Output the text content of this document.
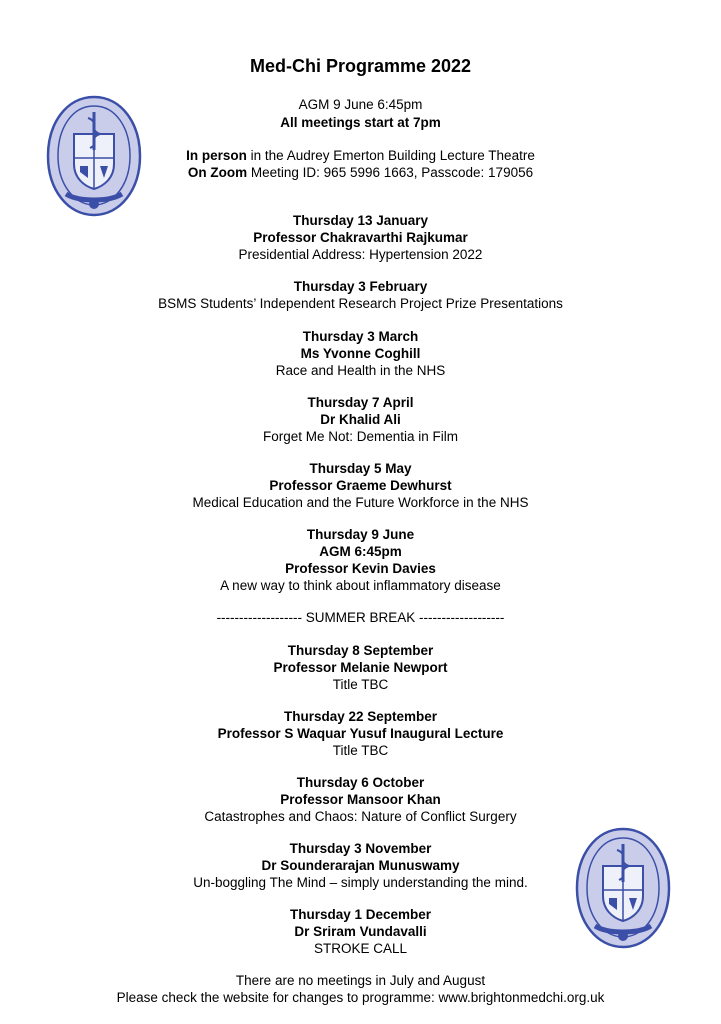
Med-Chi Programme 2022
AGM 9 June 6:45pm
All meetings start at 7pm
In person in the Audrey Emerton Building Lecture Theatre
On Zoom Meeting ID: 965 5996 1663, Passcode: 179056
Thursday 13 January
Professor Chakravarthi Rajkumar
Presidential Address: Hypertension 2022
Thursday 3 February
BSMS Students’ Independent Research Project Prize Presentations
Thursday 3 March
Ms Yvonne Coghill
Race and Health in the NHS
Thursday 7 April
Dr Khalid Ali
Forget Me Not: Dementia in Film
Thursday 5 May
Professor Graeme Dewhurst
Medical Education and the Future Workforce in the NHS
Thursday 9 June
AGM 6:45pm
Professor Kevin Davies
A new way to think about inflammatory disease
------------------- SUMMER BREAK -------------------
Thursday 8 September
Professor Melanie Newport
Title TBC
Thursday 22 September
Professor S Waquar Yusuf Inaugural Lecture
Title TBC
Thursday 6 October
Professor Mansoor Khan
Catastrophes and Chaos: Nature of Conflict Surgery
Thursday 3 November
Dr Sounderarajan Munuswamy
Un-boggling The Mind – simply understanding the mind.
Thursday 1 December
Dr Sriram Vundavalli
STROKE CALL
There are no meetings in July and August
Please check the website for changes to programme: www.brightonmedchi.org.uk
